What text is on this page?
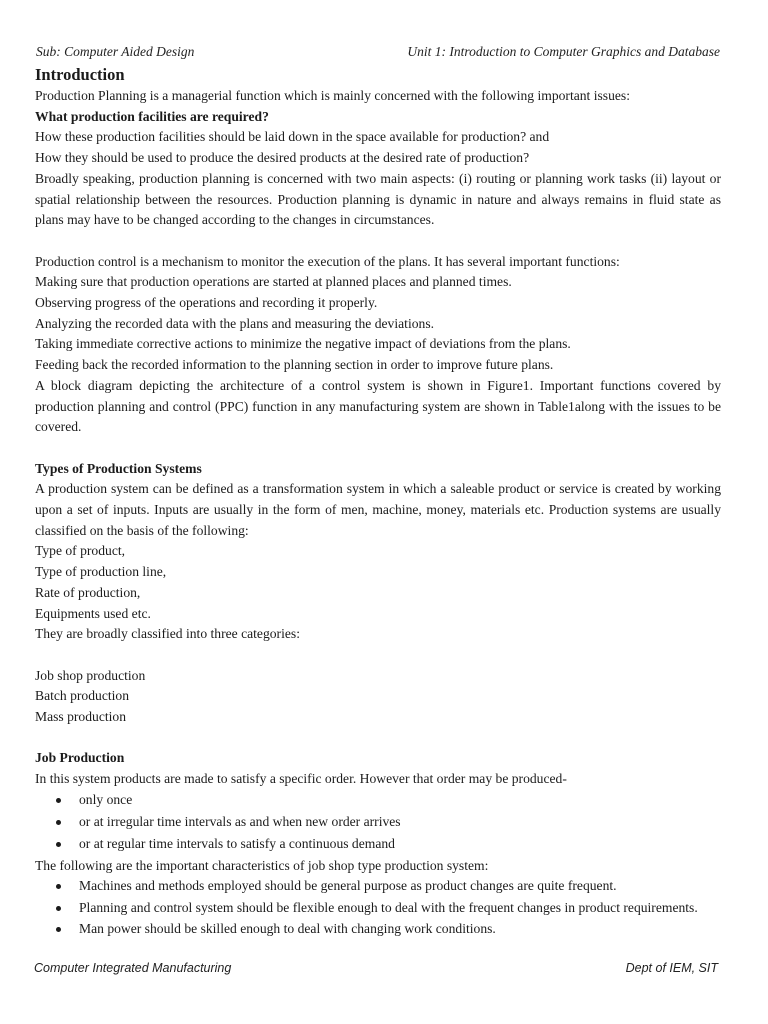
Sub: Computer Aided Design	Unit 1: Introduction to Computer Graphics and Database

Introduction

Production Planning is a managerial function which is mainly concerned with the following important issues:

What production facilities are required?

How these production facilities should be laid down in the space available for production? and

How they should be used to produce the desired products at the desired rate of production?

Broadly speaking, production planning is concerned with two main aspects: (i) routing or planning work tasks (ii) layout or spatial relationship between the resources. Production planning is dynamic in nature and always remains in fluid state as plans may have to be changed according to the changes in circumstances.

Production control is a mechanism to monitor the execution of the plans. It has several important functions:

Making sure that production operations are started at planned places and planned times.

Observing progress of the operations and recording it properly.

Analyzing the recorded data with the plans and measuring the deviations.

Taking immediate corrective actions to minimize the negative impact of deviations from the plans.

Feeding back the recorded information to the planning section in order to improve future plans.

A block diagram depicting the architecture of a control system is shown in Figure1. Important functions covered by production planning and control (PPC) function in any manufacturing system are shown in Table1along with the issues to be covered.

Types of Production Systems

A production system can be defined as a transformation system in which a saleable product or service is created by working upon a set of inputs. Inputs are usually in the form of men, machine, money, materials etc. Production systems are usually classified on the basis of the following:

Type of product,

Type of production line,

Rate of production,

Equipments used etc.

They are broadly classified into three categories:

Job shop production

Batch production

Mass production

Job Production

In this system products are made to satisfy a specific order. However that order may be produced-

only once
or at irregular time intervals as and when new order arrives
or at regular time intervals to satisfy a continuous demand

The following are the important characteristics of job shop type production system:

Machines and methods employed should be general purpose as product changes are quite frequent.
Planning and control system should be flexible enough to deal with the frequent changes in product requirements.
Man power should be skilled enough to deal with changing work conditions.
Computer Integrated Manufacturing	Dept of IEM, SIT
